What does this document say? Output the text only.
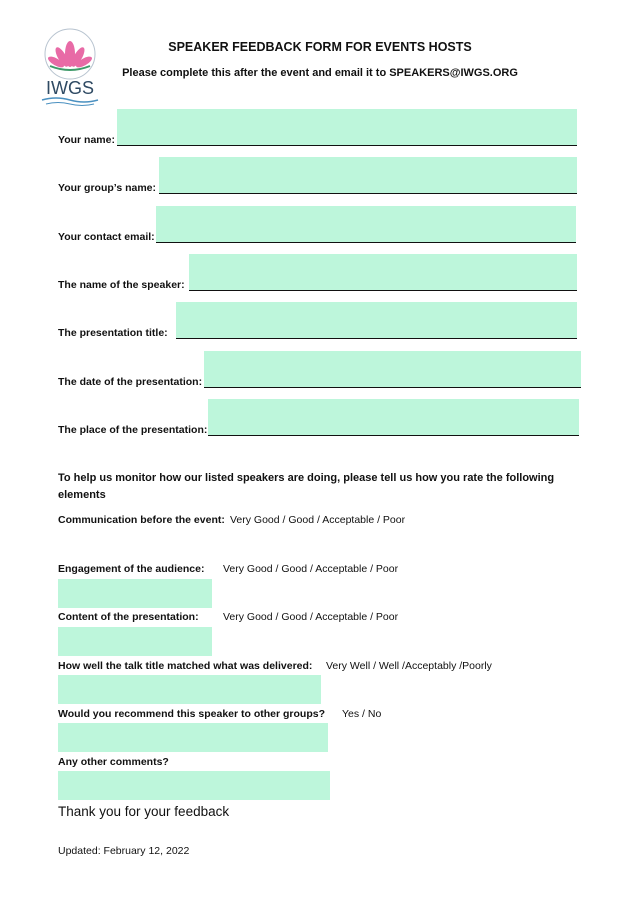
IWGS
SPEAKER FEEDBACK FORM FOR EVENTS HOSTS
Please complete this after the event and email it to SPEAKERS@IWGS.ORG
Your name:
Your group’s name:
Your contact email:
The name of the speaker:
The presentation title:
The date of the presentation:
The place of the presentation:
To help us monitor how our listed speakers are doing, please tell us how you rate the following elements
Communication before the event: Very Good / Good / Acceptable / Poor
Engagement of the audience: Very Good / Good / Acceptable / Poor
Content of the presentation: Very Good / Good / Acceptable / Poor
How well the talk title matched what was delivered: Very Well / Well /Acceptably /Poorly
Would you recommend this speaker to other groups? Yes / No
Any other comments?
Thank you for your feedback
Updated: February 12, 2022
